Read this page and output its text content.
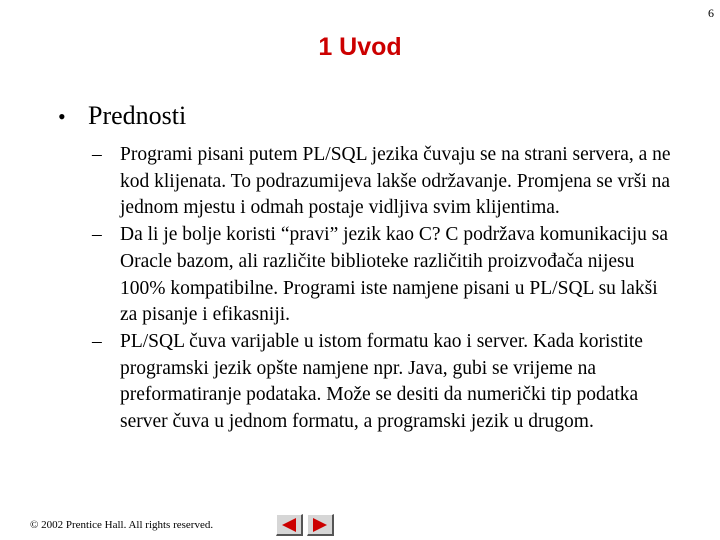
6
1 Uvod
• Prednosti
– Programi pisani putem PL/SQL jezika čuvaju se na strani servera, a ne kod klijenata. To podrazumijeva lakše održavanje. Promjena se vrši na jednom mjestu i odmah postaje vidljiva svim klijentima.
– Da li je bolje koristi “pravi” jezik kao C? C podržava komunikaciju sa Oracle bazom, ali različite biblioteke različitih proizvođača nijesu 100% kompatibilne. Programi iste namjene pisani u PL/SQL su lakši za pisanje i efikasniji.
– PL/SQL čuva varijable u istom formatu kao i server. Kada koristite programski jezik opšte namjene npr. Java, gubi se vrijeme na preformatiranje podataka. Može se desiti da numerički tip podatka server čuva u jednom formatu, a programski jezik u drugom.
© 2002 Prentice Hall. All rights reserved.
